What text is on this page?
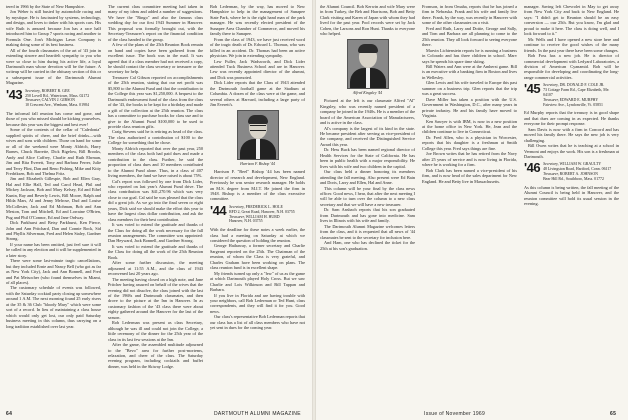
tered in 1966 by the State of New Hampshire.

Jon Weber is still busied by automobile racing and by mystique. He is fascinated by systems, technology, and design, and loves to tinker with his sports cars. His wife Ruth is amused because Jon has a race half introduced him to Group 7 sports racing and another to Formula One. Jon's Michigan Lawn Company is making doing some of its best business.

All of the fourth classmates of the art of '43 join in extending sincere and heartfelt sympathy to you who were so close to him during his active life, a loyal Dartmouth man whose devotion will be the future. A writeup will be carried in the obituary section of this or a subsequent issue of the Dartmouth Alumni Magazine.

'43 Secretary, ROBERT R. GEE
250 Lovell Rd., Watertown, Mass. 02172
Treasurer, CALVIN J. GIBSON
10 Crescent Ave., Wenham, Mass. 01984

The informal fall reunion has come and gone, and those of you who missed should be kicking yourselves, because this year was the biggest and best ever!

Some of the contents of the cellar of "Caledonia" supplied spirits of cheer, and the brief drinks—with wives and sons with children. Those on hand for some or all of the weekend were Monty Aldrich, Harry Barnes, Chuck Barrette, Dick Bigelow, Bill Brooks, Andy and Alice Caffrey, Charlie and Ruth Ehrman, Jim and Rita Everett, Tony and Barbara Ferrer, Julie and Terry Flint, Dan and Reno Fishing, Mike and Kitty Fredriksen, Bob and Thelma Fritz.

Jim and Elizabeth Gillespie, Bob and Ellen Gray, Hal and Ellie Hall, Ted and Carol Head, Phil and Mickey Jackson, Bob and Mary Kelsey, Ed and Ethel Kunin, Ray and Beverly Lewis, Bill Moore, Ralph and Hilda Mars, Al and Jenny Melrose, Dud and Louise McCollester, Jack and Ed Mohman, Bob and Ann Meston, Tom and Mitchell, Ed and Lorraine O'Brien, Pug and Phil O'Connor, Ed and Jane Ordway.

Dick Parkhurst and Betsy Parkhurst, Ken Pierce, John and Ann Pritchard, Dan and Connie Rock, Sid and Phyllis Silverman, Fred and Helen Staley, Gardner Strong.

If your name has been omitted, just feel sure it will be called in any election and it will be supplemented in a later story.

There were some last-minute tragic cancellations, but they included Ernie and Nancy Bell (who got as far as New York City), Jack and Ann Bonnell, and Fred and Pat Meisocher (who found themselves in Miami, of all places).

The customary schedule of events was followed, with the Saturday cocktail party closing up somewhere around 1 A.M. The next morning found 25 early risers at the 35 & 36 Club "bloody Mary" which were some sort of a record. In lieu of maintaining a class house which would only get lost, our only paid Saturday business meeting in this column, thus carrying on a long tradition established over last year.

The current class committee meeting had taken in many of my ideas and added a number of suggestions. We have the "Ringo" and also the famous class wedding day for our first 1943 Summer in Hanover. This proposal was formally brought out, with the Secretary-Treasurer's report on the financial condition of the class handed to the group.

A few of the plans of the 25th Reunion Book remain on hand and copies have been gathered from the excellent issue. The book was in the mail. It was agreed that if a class member had not received a copy, he should contact the class secretary or treasurer or the secretary for help.

Treasurer Cal Gibson reported on accomplishments of the 25th reunion, stating that our net profit was $5,800 to the Alumni Fund and that the contribution to the College this year was $1,250,000. A bequest to the Dartmouth endowment fund of the class from the class of the '43, the books to be kept for a birthday and made a gift of the collection at the 25th reunion. The class has a committee to purchase books for class use and to give to the Alumni Fund $100,000 to be used to provide class reunion gifts.

Craig Stevens said he is retiring as head of the class. The class authorized a contribution of $100 to the College for something that he chose.

Monty Aldrich reported that over the past year, 250 members of the class both had paid dues and made a contribution to the class. Further, he said the proportion of class dues and 10 members contributed to the Alumni Fund alone. Thus, in a class of 407 living members, the fund we have raised is about 75%.

Cal's report was followed by one from Dick Lider, who reported on last year's Alumni Fund drive. The class contribution was $41,270.96 which was very close to our goal. Cal said he was pleased that the class did a great job. As we go into the final seven or eight years, Dick said we should make the effort this year to have the largest class dollar contribution, and ask the class members for their best contribution.

It was voted to extend the gratitude and thanks of the Class for doing all the work necessary for the fall reunion arrangements. The committee was appointed: Dan Heyward, Jack Bonnell, and Gardner Strong.

It was voted to extend the gratitude and thanks of the Class for doing all the work of the 25th Reunion Book.

After some further discussion, the meeting adjourned at 11:55 A.M., and the class of 1943 reconvened last 20 years ago.

The meeting having closed on a high note, and Jane Pritcher having assured on behalf of the wives that the evening did not dissolve, the class joined with the last of the 1968s and Dartmouth classmates, and then drove to the picture at the Inn in Hanover. In as customary fashion of the '43 class there were about eighty gathered around the Hanover for the last of the season.

Rob Lederman was present as class Secretary, although he was ill and could not join the College, a little ceremony of the dinner for the 25th year of the class in its last few sessions at the Inn.

After the game, the assembled multitude adjourned to the "Bevo" area for further post-mortems, relaxation, and cheer of the class. The Saturday evening program, including cocktails and buffet dinner, was held in the Skiway Lodge.

Bob Lederman, by the way, has moved to New Hampshire to help in the management of Sunapee State Park, where he is the right hand man of the park manager. He was recently elected president of the Sunapee Area Chamber of Commerce, and moved his family there to Sunapee.

From the class of 1943, we have just received word of the tragic death of Dr. Edward L. Thomas, who was killed in an accident. Dr. Thomas had been an active physician. We join in extending sympathy.

Lew Fuller, Jack Wadsworth, and Dick Lider attended Tuck Business School and are in Hanover. Lew was recently appointed director of the alumni, and Dick was promoted.

Dick Lider reports that the Class of 1943 attended the Dartmouth football game at the Stadium at Columbia. A dozen of the class were at the game, and several others at Harvard, including a large party of Jim Everett's.

Harrison F. Bishop '44

Harrison F. "Beel" Bishop '44 has been named director of research and development, New England. Previously he was senior research manager. He holds an M.S. degree from M.I.T. He joined the firm in 1948. Bishop is a member of the class executive committee.

'44 Secretary, FREDERICK L. HOLE
RFD 2, Great Road, Hanover, N.H. 03755
Treasurer, WILLIAM H. HURD
Hanover, N.H. 03755

With the deadline for these notes a week earlier, the class had a meeting on Saturday at which we considered the question of holding the reunion.

George Hathaway, a former secretary and Charlie Sargeant reported on the 25th. The Chairman of the reunion, of whom the Class is very grateful, and Charles Graham have been working on plans. The class reunion fund is in excellent shape.

My friends turned up only a "few" of us as the game at which Dartmouth played Holy Cross. But we saw Charlie and Lois Wilkinson and Bill Tappan and Barbara.

If you live in Florida and are having trouble with your neighbors, call Bob Lederman or Ted Hunt, class correspondents, and they will find it for you. Good news.

Our class's representative Bob Lederman reports that our class has a list of all class members who have not yet sent in dues for the coming year.

64	DARTMOUTH ALUMNI MAGAZINE

the Alumni Council. Bob Kerwin and wife Mary were in from Turkey, the Beh and Harrisons, Bob and Betty Clark visiting and Karen of Japan with whom they had lived for the past year. Pool records were set by Jack Cohen, the Larsons and Ron Hunt. Thanks to everyone who helped.

Alfred Kingsley '44

Pictured at the left is our classmate Alfred "Al" Kingsley, who was recently named president of a company he joined in the 1940s. He is a member of the board of the American Association of Manufacturers, and is active in the class.

Al's company is the largest of its kind in the state. He became president after serving as vice-president of the company, and received the Distinguished Service Award this year.

Dr. Hess Buck has been named regional director of Health Services for the State of California. He has been in public health with a major responsibility. He lives with his wife and two children in the capital.

Our class held a dinner honoring its members attending the fall meeting. Also present were Ed Bain and Doris, Larry and Ellen, Hal and Anne.

This column will be your final by the class news officer. Good news, I hear, that after the next meeting I will be able to turn over the column to a new class secretary and that we will have a new treasurer.

Dr. Sam Ansbach reports that his son graduated from Dartmouth and has gone into medicine. Sam lives in Illinois with his wife and family.

The Dartmouth Alumni Magazine welcomes letters from the class, and it is requested that all news of '44 classmates be sent to the secretary for inclusion here.

And Ham, one who has declined the ticket for the 25th at his son's graduation.

Fromson, in from Omaha, reports that he has joined a firm in Nebraska. Frank and his wife and family live there. Frank, by the way, was recently in Hanover with some of the other classmates on a visit.

Fred and Ruth, Larry and Dottie, George and Sally, and Tom and Barbara are all planning to come to the 25th reunion. They all look forward to seeing everyone there.

Marvin Lichtenstein reports he is running a business in Colorado and has three children in school. Marv says he spends his spare time skiing.

Bill Waters and Ann were at the Amherst game. Bill is an executive with a banking firm in Boston and lives in Wellesley.

Glen Lewis and his wife traveled to Europe this past summer on a business trip. Glen reports that the trip was a great success.

Dave Miller has taken a position with the U.S. Government in Washington, D.C., after many years in private industry. He and his family have moved to Virginia.

Ken Sawyer is with IBM, is now in a new position at the home office in New York. He, Jean and the children continue to live in Connecticut.

Dr. Fred Allen, who is a physician in Worcester, reports that his daughter is a freshman at Smith College this year. Fred says things are fine.

Joe Brown writes that he has retired from the Navy after 25 years of service and is now living in Florida, where he is working for a firm.

Bob Clark has been named a vice-president of his firm, and is now head of the sales department for New England. He and Betty live in Massachusetts.

manager. Saving left Chevrolet in May to get away from New York City and back to New England. He says: "I didn't get to Reunion should be an easy conversion — our 25th. But you know, I'm glad and proud to make it here. The class is doing well, and I look forward to it."

Mr. Wells and I have opened a new store here and continue to receive the good wishes of the many friends. In the past year there have been some changes.

Bob Foss has a new job. He is director of commercial development with Ledyard Laboratories, a division of American Cyanamid. Bob will be responsible for developing and coordinating the long-range commercial activities.

'45 Secretary, DR. DONALD F. COLE JR.
73 Cottage Farm Rd., Cape Elizabeth, Me. 04107
Treasurer, EDWARD E. MURPHY
Fairview Ave., Lyndonville, Vt. 05851

Ed Murphy reports that the treasury is in good shape and that dues are coming in as expected. He thanks everyone for their prompt response.

Sam Davis is now with a firm in Concord and has moved his family there. He says the new job is very challenging.

Bill Owen writes that he is teaching at a school in Vermont and enjoys the work. His son is a freshman at Dartmouth.

'46 Secretary, WILLIAM W. GRAULTY
48 Livingston Road, Hartford, Conn. 06117
Treasurer, ROBERT A. JOHNSON
Bear Hill Rd., Southboro, Mass. 01772

As this column is being written, the fall meeting of the Alumni Council is being held in Hanover, and the reunion committee will hold its usual session in the evening.

Issue of November 1969	65
